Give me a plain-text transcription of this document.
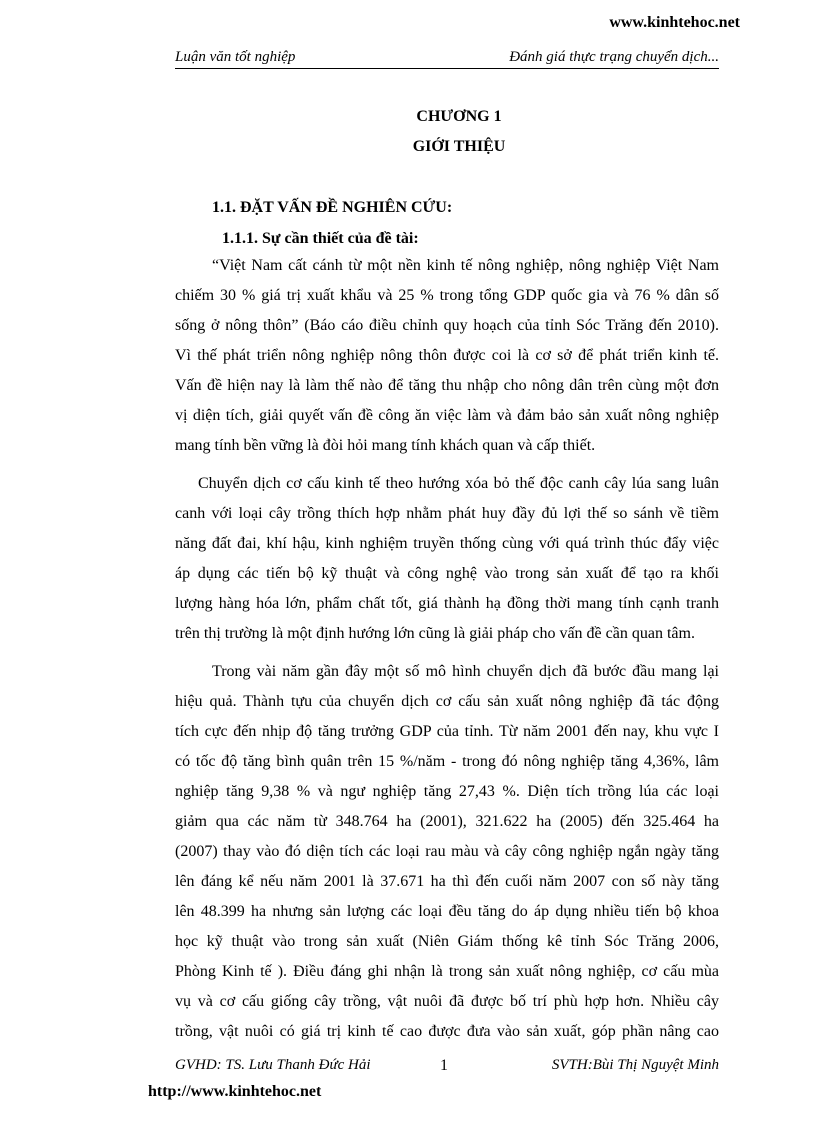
www.kinhtehoc.net
Luận văn tốt nghiệp	Đánh giá thực trạng chuyển dịch...
CHƯƠNG 1
GIỚI THIỆU
1.1. ĐẶT VẤN ĐỀ NGHIÊN CỨU:
1.1.1. Sự cần thiết của đề tài:
“Việt Nam cất cánh từ một nền kinh tế nông nghiệp, nông nghiệp Việt Nam
chiếm 30 % giá trị xuất khẩu và 25 % trong tổng GDP quốc gia và 76 % dân số
sống ở nông thôn” (Báo cáo điều chỉnh quy hoạch của tỉnh Sóc Trăng đến 2010).
Vì thế phát triển nông nghiệp nông thôn được coi là cơ sở để phát triển kinh tế.
Vấn đề hiện nay là làm thế nào để tăng thu nhập cho nông dân trên cùng một đơn
vị diện tích, giải quyết vấn đề công ăn việc làm và đảm bảo sản xuất nông nghiệp
mang tính bền vững là đòi hỏi mang tính khách quan và cấp thiết.
Chuyển dịch cơ cấu kinh tế theo hướng xóa bỏ thế độc canh cây lúa sang luân
canh với loại cây trồng thích hợp nhằm phát huy đầy đủ lợi thế so sánh về tiềm
năng đất đai, khí hậu, kinh nghiệm truyền thống cùng với quá trình thúc đẩy việc
áp dụng các tiến bộ kỹ thuật và công nghệ vào trong sản xuất để tạo ra khối
lượng hàng hóa lớn, phẩm chất tốt, giá thành hạ đồng thời mang tính cạnh tranh
trên thị trường là một định hướng lớn cũng là giải pháp cho vấn đề cần quan tâm.
Trong vài năm gần đây một số mô hình chuyển dịch đã bước đầu mang lại
hiệu quả. Thành tựu của chuyển dịch cơ cấu sản xuất nông nghiệp đã tác động
tích cực đến nhịp độ tăng trưởng GDP của tỉnh. Từ năm 2001 đến nay, khu vực I
có tốc độ tăng bình quân trên 15 %/năm - trong đó nông nghiệp tăng 4,36%, lâm
nghiệp tăng 9,38 % và ngư nghiệp tăng 27,43 %. Diện tích trồng lúa các loại
giảm qua các năm từ 348.764 ha (2001), 321.622 ha (2005) đến 325.464 ha
(2007) thay vào đó diện tích các loại rau màu và cây công nghiệp ngắn ngày tăng
lên đáng kể nếu năm 2001 là 37.671 ha thì đến cuối năm 2007 con số này tăng
lên 48.399 ha nhưng sản lượng các loại đều tăng do áp dụng nhiều tiến bộ khoa
học kỹ thuật vào trong sản xuất (Niên Giám thống kê tỉnh Sóc Trăng 2006,
Phòng Kinh tế ). Điều đáng ghi nhận là trong sản xuất nông nghiệp, cơ cấu mùa
vụ và cơ cấu giống cây trồng, vật nuôi đã được bố trí phù hợp hơn. Nhiều cây
trồng, vật nuôi có giá trị kinh tế cao được đưa vào sản xuất, góp phần nâng cao
GVHD: TS. Lưu Thanh Đức Hải	1	SVTH:Bùi Thị Nguyệt Minh
http://www.kinhtehoc.net
